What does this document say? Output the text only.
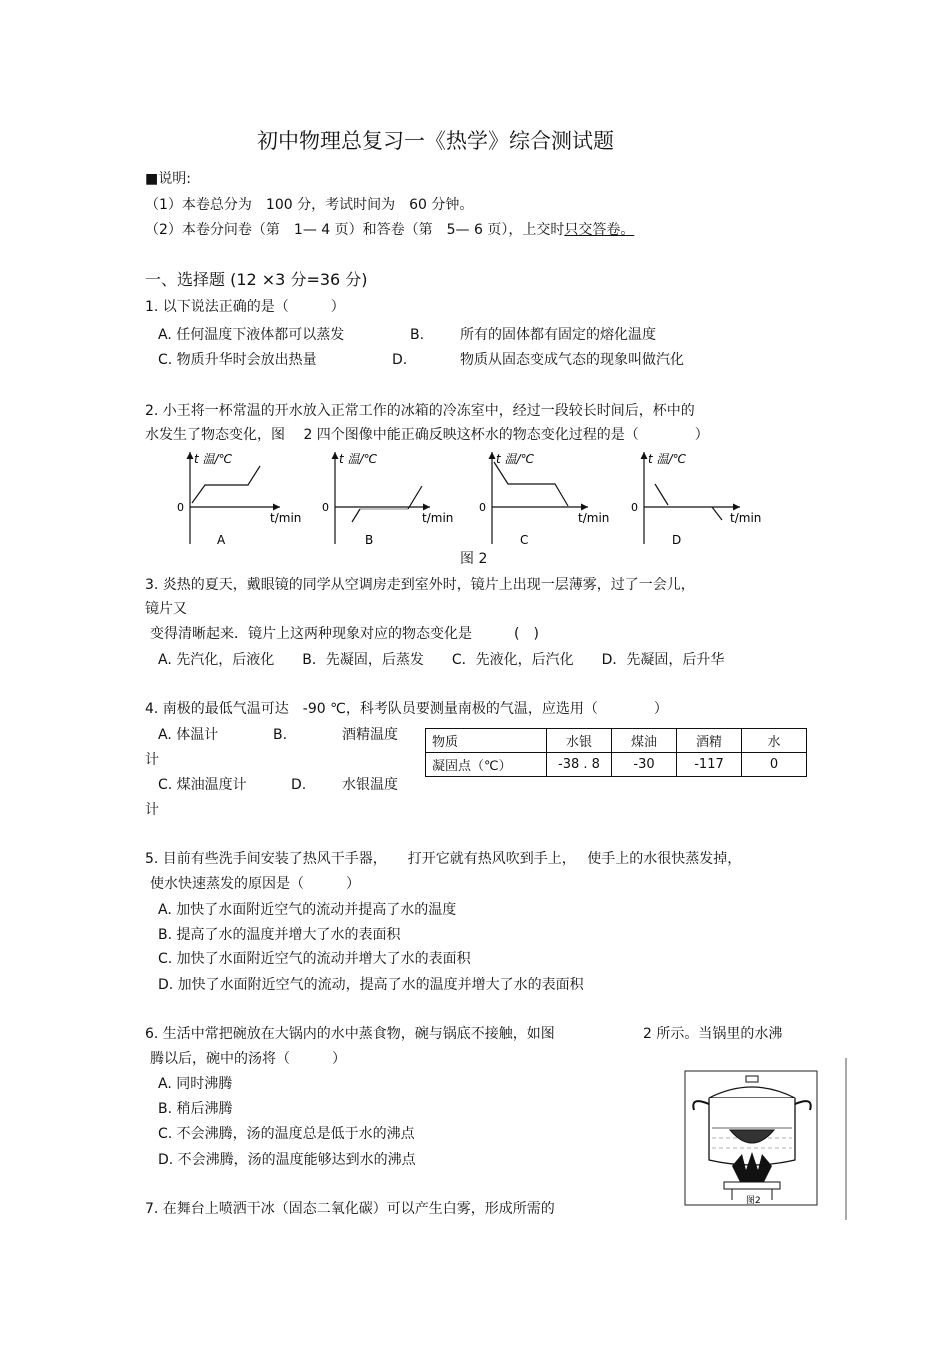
初中物理总复习一《热学》综合测试题
■说明:
（1）本卷总分为　100 分，考试时间为　60 分钟。
（2）本卷分问卷（第　1— 4 页）和答卷（第　5— 6 页），上交时只交答卷。
一、选择题 (12 ×3 分=36 分)
1. 以下说法正确的是（　　　）
A. 任何温度下液体都可以蒸发	B.	所有的固体都有固定的熔化温度
C. 物质升华时会放出热量	D.	物质从固态变成气态的现象叫做汽化
2. 小王将一杯常温的开水放入正常工作的冰箱的冷冻室中，经过一段较长时间后，杯中的
水发生了物态变化，图　 2 四个图像中能正确反映这杯水的物态变化过程的是（　　　　）
t 温/℃
t/min
0
A
t 温/℃
t/min
0
B
t 温/℃
t/min
0
C
t 温/℃
t/min
0
D
图 2
3. 炎热的夏天，戴眼镜的同学从空调房走到室外时，镜片上出现一层薄雾，过了一会儿，
镜片又
变得清晰起来．镜片上这两种现象对应的物态变化是　　　(　)
A. 先汽化，后液化　　B．先凝固，后蒸发　　C．先液化，后汽化　　D．先凝固，后升华
4. 南极的最低气温可达　-90 ℃，科考队员要测量南极的气温，应选用（　　　　）
A. 体温计	B.	酒精温度
计
C. 煤油温度计	D.	水银温度
计
物质	水银	煤油	酒精	水
凝固点（℃）	-38 . 8	-30	-117	0
5. 目前有些洗手间安装了热风干手器，　　打开它就有热风吹到手上，　 使手上的水很快蒸发掉，
使水快速蒸发的原因是（　　　）
A. 加快了水面附近空气的流动并提高了水的温度
B. 提高了水的温度并增大了水的表面积
C. 加快了水面附近空气的流动并增大了水的表面积
D. 加快了水面附近空气的流动，提高了水的温度并增大了水的表面积
6. 生活中常把碗放在大锅内的水中蒸食物，碗与锅底不接触，如图	2 所示。当锅里的水沸
腾以后，碗中的汤将（　　　）
A. 同时沸腾
B. 稍后沸腾
C. 不会沸腾，汤的温度总是低于水的沸点
D. 不会沸腾，汤的温度能够达到水的沸点
图2
7. 在舞台上喷洒干冰（固态二氧化碳）可以产生白雾，形成所需的
